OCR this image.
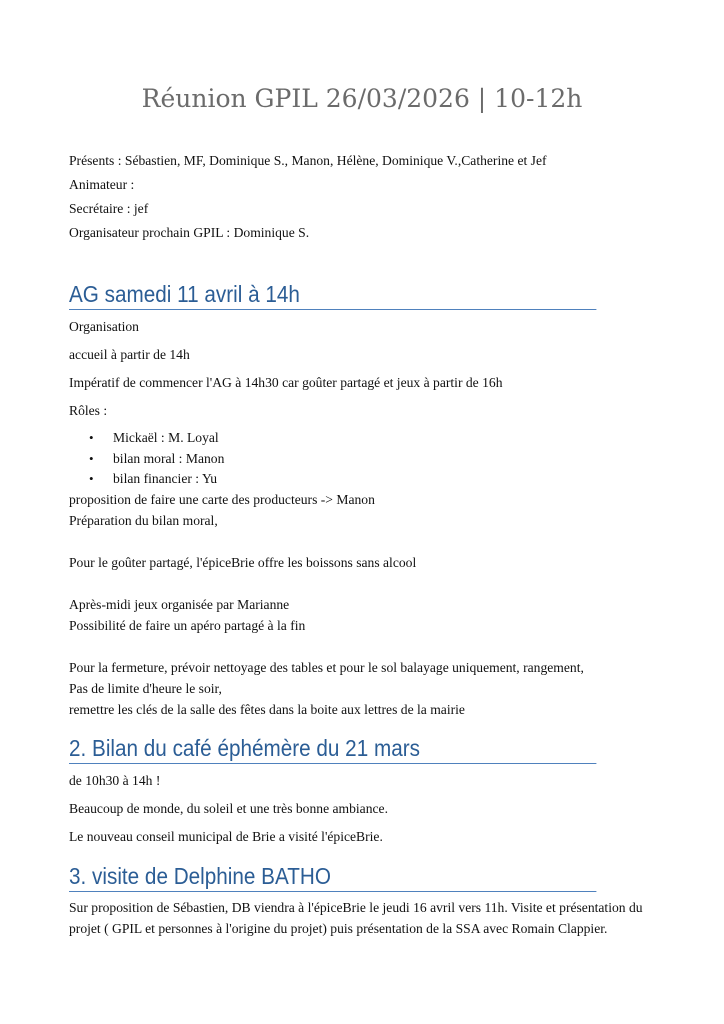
Réunion GPIL 26/03/2026 | 10-12h

Présents : Sébastien, MF, Dominique S., Manon, Hélène, Dominique V.,Catherine et Jef

Animateur :

Secrétaire : jef

Organisateur prochain GPIL : Dominique S.

AG samedi 11 avril à 14h

Organisation

accueil à partir de 14h

Impératif de commencer l'AG à 14h30 car goûter partagé et jeux à partir de 16h

Rôles :

• Mickaël : M. Loyal
• bilan moral : Manon
• bilan financier : Yu

proposition de faire une carte des producteurs -> Manon

Préparation du bilan moral,

Pour le goûter partagé, l'épiceBrie offre les boissons sans alcool

Après-midi jeux organisée par Marianne

Possibilité de faire un apéro partagé à la fin

Pour la fermeture, prévoir nettoyage des tables et pour le sol balayage uniquement, rangement,

Pas de limite d'heure le soir,

remettre les clés de la salle des fêtes dans la boite aux lettres de la mairie

2. Bilan du café éphémère du 21 mars

de 10h30 à 14h !

Beaucoup de monde, du soleil et une très bonne ambiance.

Le nouveau conseil municipal de Brie a visité l'épiceBrie.

3. visite de Delphine BATHO

Sur proposition de Sébastien, DB viendra à l'épiceBrie le jeudi 16 avril vers 11h. Visite et présentation du projet ( GPIL et personnes à l'origine du projet) puis présentation de la SSA avec Romain Clappier.
